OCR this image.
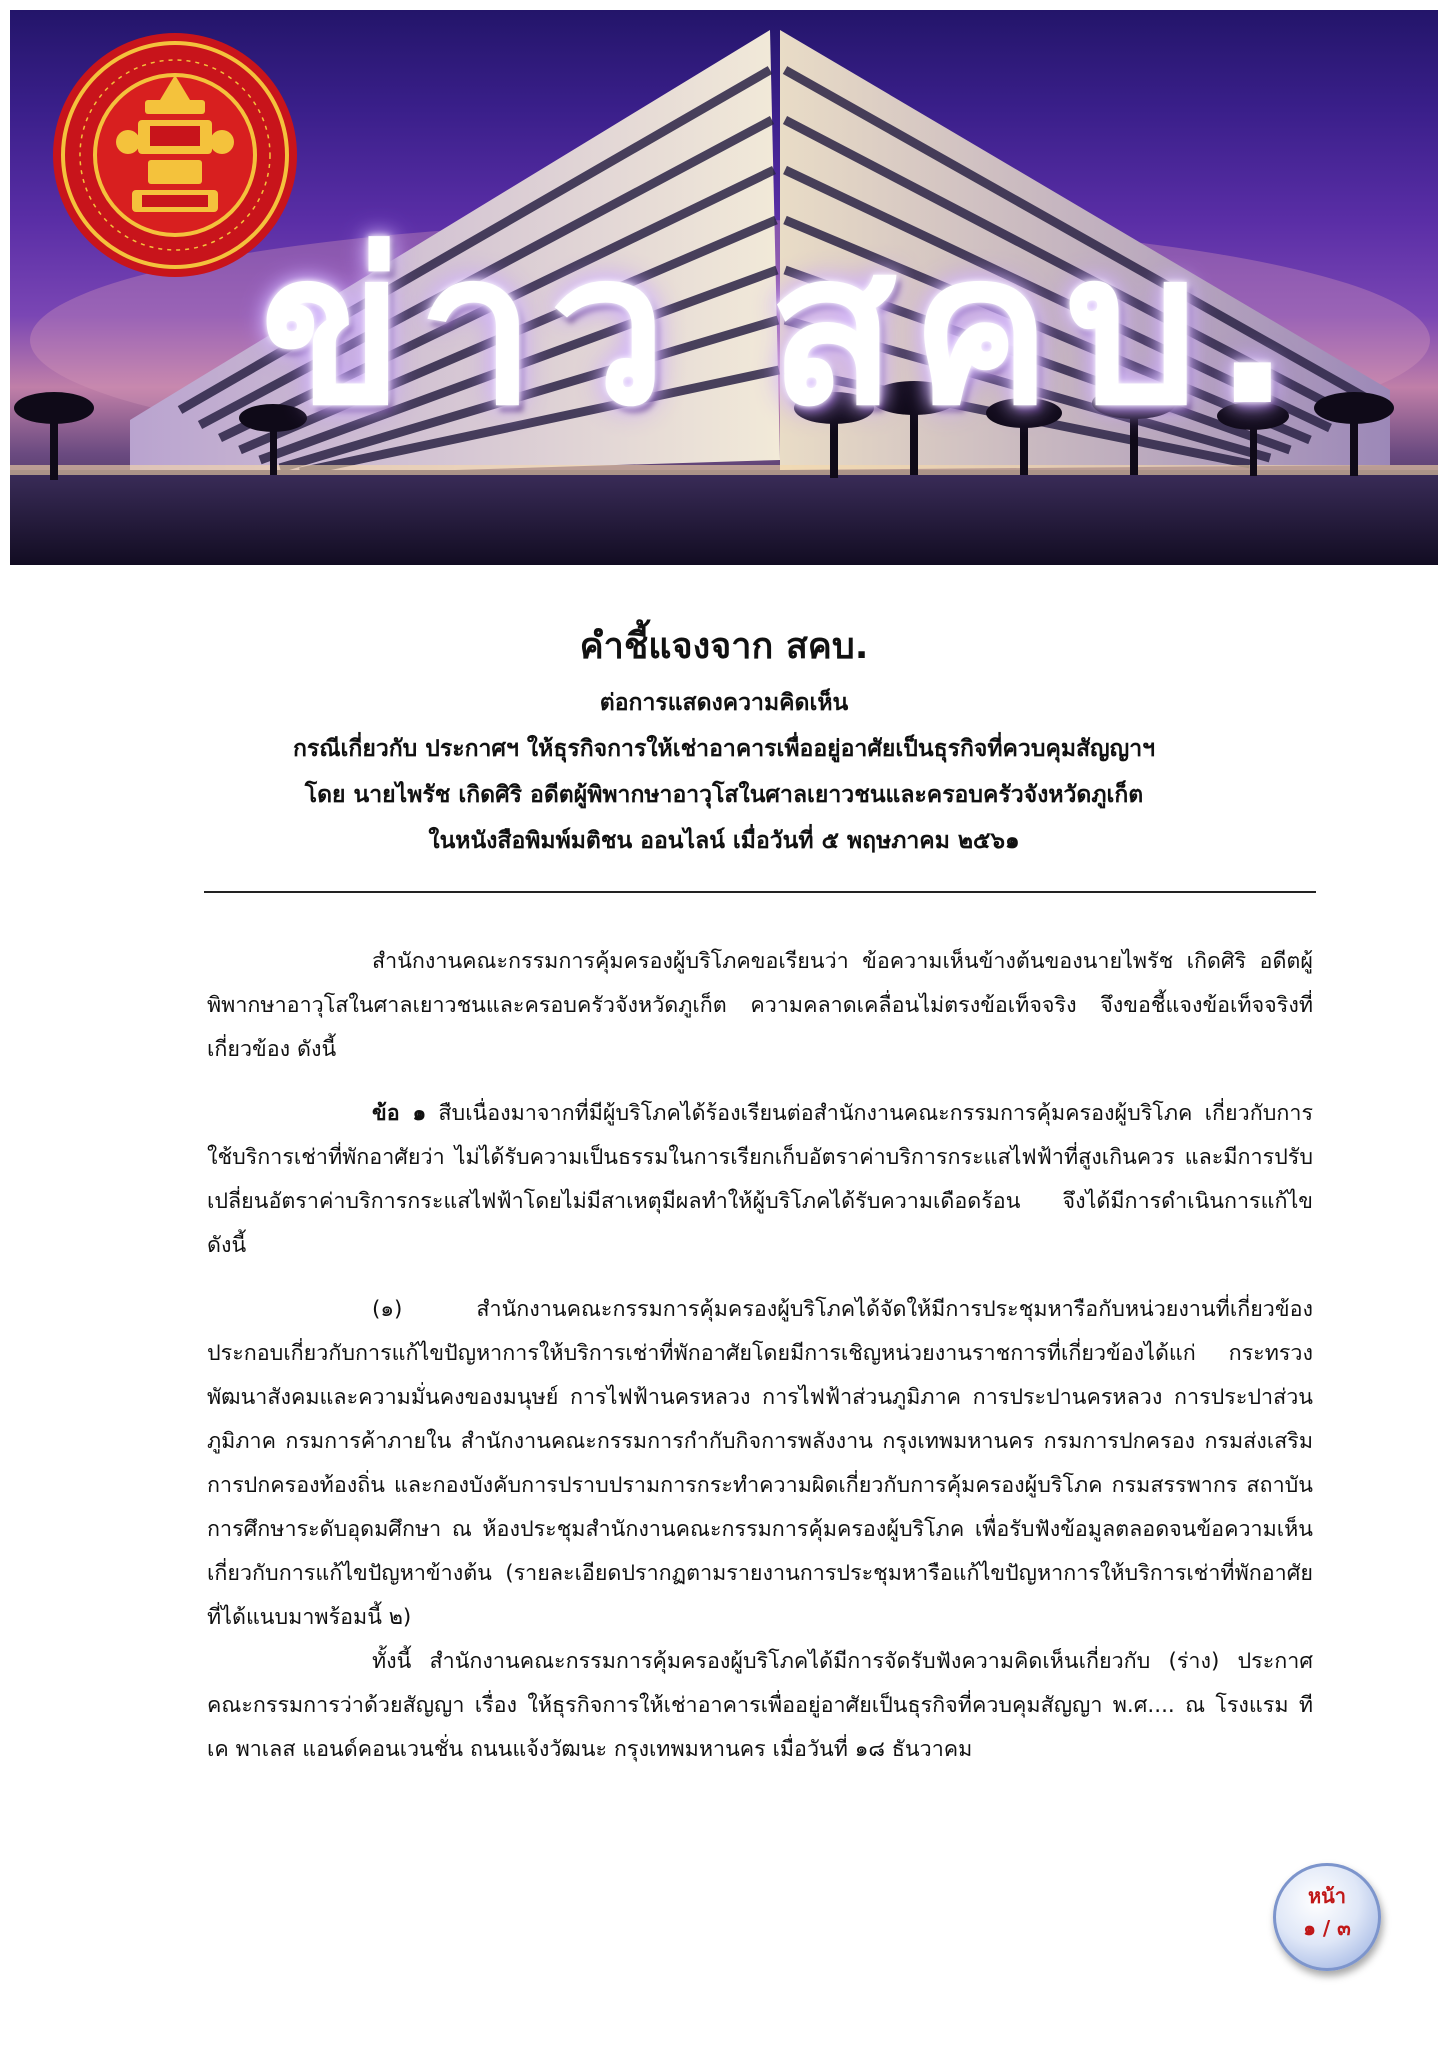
ข่าว สคบ.
คำชี้แจงจาก สคบ.
ต่อการแสดงความคิดเห็น
กรณีเกี่ยวกับ ประกาศฯ ให้ธุรกิจการให้เช่าอาคารเพื่ออยู่อาศัยเป็นธุรกิจที่ควบคุมสัญญาฯ
โดย นายไพรัช เกิดศิริ อดีตผู้พิพากษาอาวุโสในศาลเยาวชนและครอบครัวจังหวัดภูเก็ต
ในหนังสือพิมพ์มติชน ออนไลน์ เมื่อวันที่ ๕ พฤษภาคม ๒๕๖๑

สำนักงานคณะกรรมการคุ้มครองผู้บริโภคขอเรียนว่า ข้อความเห็นข้างต้นของนายไพรัช เกิดศิริ อดีตผู้พิพากษาอาวุโสในศาลเยาวชนและครอบครัวจังหวัดภูเก็ต ความคลาดเคลื่อนไม่ตรงข้อเท็จจริง จึงขอชี้แจงข้อเท็จจริงที่เกี่ยวข้อง ดังนี้

ข้อ ๑ สืบเนื่องมาจากที่มีผู้บริโภคได้ร้องเรียนต่อสำนักงานคณะกรรมการคุ้มครองผู้บริโภค เกี่ยวกับการใช้บริการเช่าที่พักอาศัยว่า ไม่ได้รับความเป็นธรรมในการเรียกเก็บอัตราค่าบริการกระแสไฟฟ้าที่สูงเกินควร และมีการปรับเปลี่ยนอัตราค่าบริการกระแสไฟฟ้าโดยไม่มีสาเหตุมีผลทำให้ผู้บริโภคได้รับความเดือดร้อน จึงได้มีการดำเนินการแก้ไข ดังนี้

(๑) สำนักงานคณะกรรมการคุ้มครองผู้บริโภคได้จัดให้มีการประชุมหารือกับหน่วยงานที่เกี่ยวข้องประกอบเกี่ยวกับการแก้ไขปัญหาการให้บริการเช่าที่พักอาศัยโดยมีการเชิญหน่วยงานราชการที่เกี่ยวข้องได้แก่ กระทรวงพัฒนาสังคมและความมั่นคงของมนุษย์ การไฟฟ้านครหลวง การไฟฟ้าส่วนภูมิภาค การประปานครหลวง การประปาส่วนภูมิภาค กรมการค้าภายใน สำนักงานคณะกรรมการกำกับกิจการพลังงาน กรุงเทพมหานคร กรมการปกครอง กรมส่งเสริมการปกครองท้องถิ่น และกองบังคับการปราบปรามการกระทำความผิดเกี่ยวกับการคุ้มครองผู้บริโภค กรมสรรพากร สถาบันการศึกษาระดับอุดมศึกษา ณ ห้องประชุมสำนักงานคณะกรรมการคุ้มครองผู้บริโภค เพื่อรับฟังข้อมูลตลอดจนข้อความเห็นเกี่ยวกับการแก้ไขปัญหาข้างต้น (รายละเอียดปรากฏตามรายงานการประชุมหารือแก้ไขปัญหาการให้บริการเช่าที่พักอาศัย ที่ได้แนบมาพร้อมนี้ ๒)

ทั้งนี้ สำนักงานคณะกรรมการคุ้มครองผู้บริโภคได้มีการจัดรับฟังความคิดเห็นเกี่ยวกับ (ร่าง) ประกาศคณะกรรมการว่าด้วยสัญญา เรื่อง ให้ธุรกิจการให้เช่าอาคารเพื่ออยู่อาศัยเป็นธุรกิจที่ควบคุมสัญญา พ.ศ.... ณ โรงแรม ที เค พาเลส แอนด์คอนเวนชั่น ถนนแจ้งวัฒนะ กรุงเทพมหานคร เมื่อวันที่ ๑๘ ธันวาคม

หน้า
๑ / ๓
